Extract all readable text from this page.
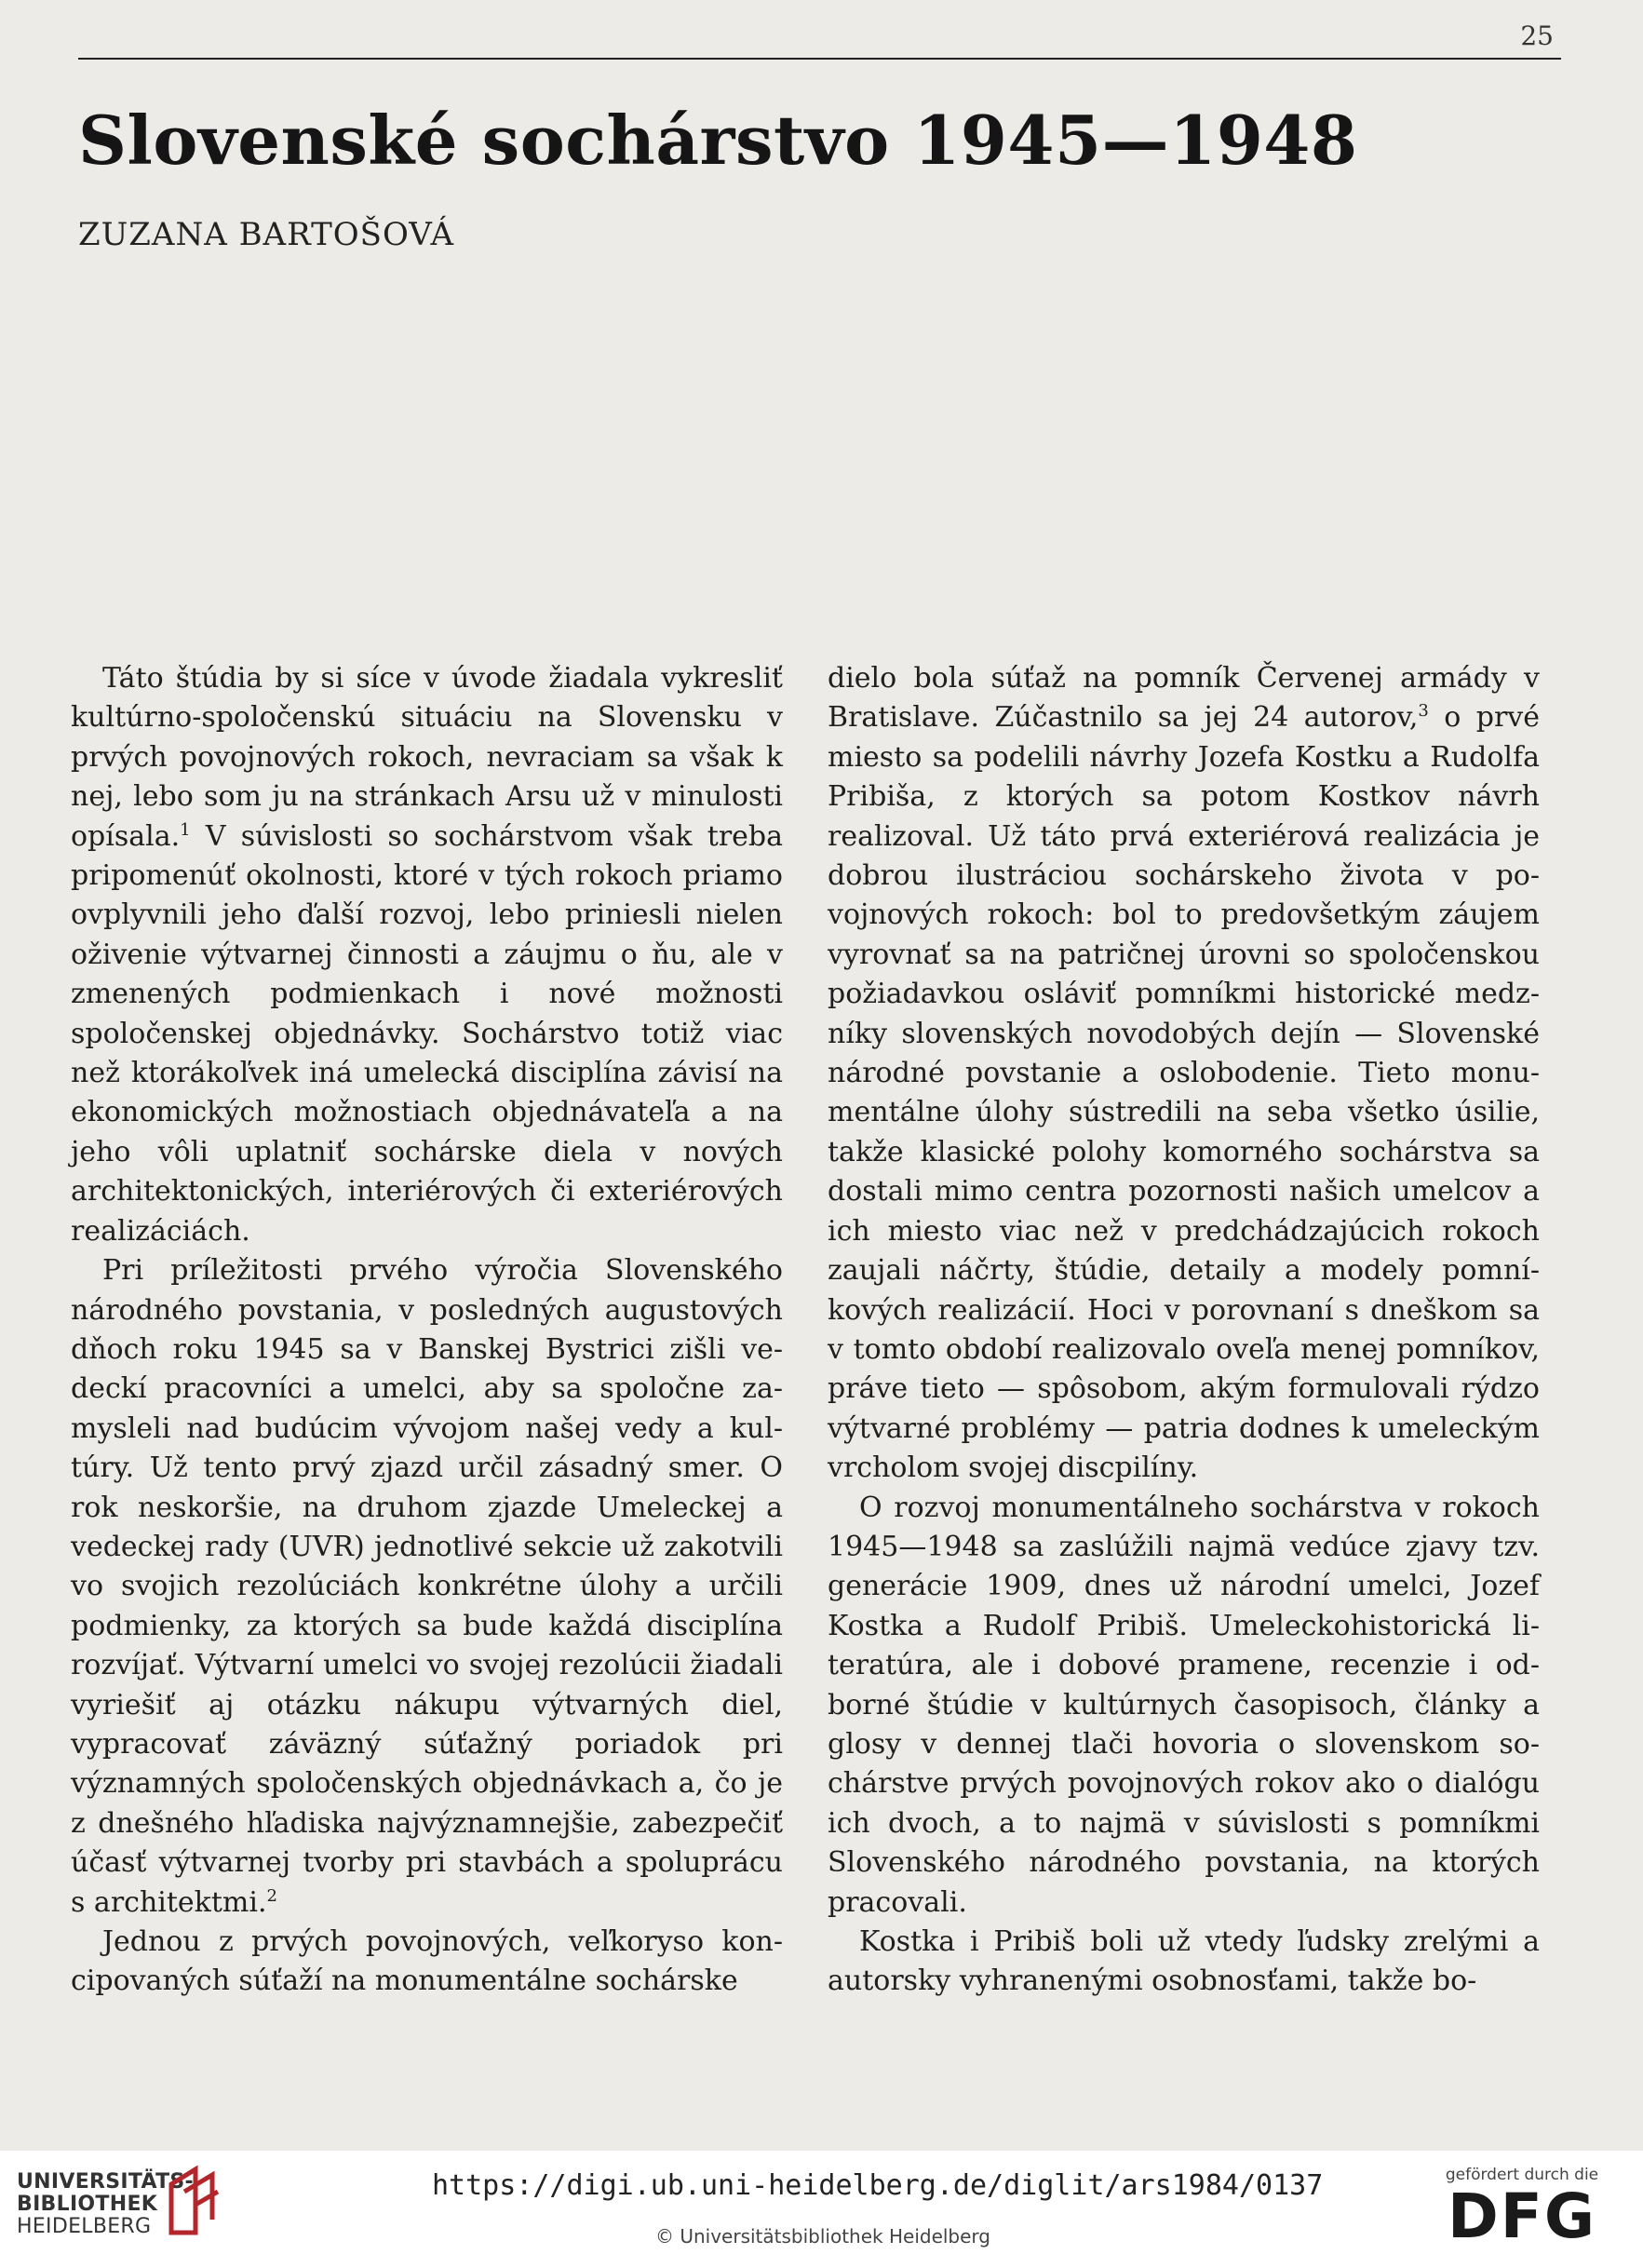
25
Slovenské sochárstvo 1945—1948
ZUZANA BARTOŠOVÁ

Táto štúdia by si síce v úvode žiadala vykresliť kultúrno-spoločenskú situáciu na Slovensku v prvých povojnových rokoch, nevraciam sa však k nej, lebo som ju na stránkach Arsu už v minulosti opísala.$^1$ V súvislosti so sochárstvom však treba pripomenúť okolnosti, ktoré v tých rokoch priamo ovplyvnili jeho ďalší rozvoj, lebo priniesli nielen oživenie výtvarnej činnosti a záujmu o ňu, ale v zmenených podmienkach i nové možnosti spoločenskej objednávky. Sochárstvo totiž viac než ktorákoľvek iná umelecká disciplína závisí na ekonomických možnostiach objednávateľa a na jeho vôli uplatniť sochárske diela v nových architektonických, interiérových či exteriérových realizáciách.

Pri príležitosti prvého výročia Slovenského národného povstania, v posledných augustových dňoch roku 1945 sa v Banskej Bystrici zišli vedeckí pracovníci a umelci, aby sa spoločne zamysleli nad budúcim vývojom našej vedy a kultúry. Už tento prvý zjazd určil zásadný smer. O rok neskoršie, na druhom zjazde Umeleckej a vedeckej rady (UVR) jednotlivé sekcie už zakotvili vo svojich rezolúciách konkrétne úlohy a určili podmienky, za ktorých sa bude každá disciplína rozvíjať. Výtvarní umelci vo svojej rezolúcii žiadali vyriešiť aj otázku nákupu výtvarných diel, vypracovať záväzný súťažný poriadok pri významných spoločenských objednávkach a, čo je z dnešného hľadiska najvýznamnejšie, zabezpečiť účasť výtvarnej tvorby pri stavbách a spoluprácu s architektmi.$^2$

Jednou z prvých povojnových, veľkoryso koncipovaných súťaží na monumentálne sochárske

dielo bola súťaž na pomník Červenej armády v Bratislave. Zúčastnilo sa jej 24 autorov,$^3$ o prvé miesto sa podelili návrhy Jozefa Kostku a Rudolfa Pribiša, z ktorých sa potom Kostkov návrh realizoval. Už táto prvá exteriérová realizácia je dobrou ilustráciou sochárskeho života v povojnových rokoch: bol to predovšetkým záujem vyrovnať sa na patričnej úrovni so spoločenskou požiadavkou osláviť pomníkmi historické medzníky slovenských novodobých dejín — Slovenské národné povstanie a oslobodenie. Tieto monumentálne úlohy sústredili na seba všetko úsilie, takže klasické polohy komorného sochárstva sa dostali mimo centra pozornosti našich umelcov a ich miesto viac než v predchádzajúcich rokoch zaujali náčrty, štúdie, detaily a modely pomníkových realizácií. Hoci v porovnaní s dneškom sa v tomto období realizovalo oveľa menej pomníkov, práve tieto — spôsobom, akým formulovali rýdzo výtvarné problémy — patria dodnes k umeleckým vrcholom svojej discpilíny.

O rozvoj monumentálneho sochárstva v rokoch 1945—1948 sa zaslúžili najmä vedúce zjavy tzv. generácie 1909, dnes už národní umelci, Jozef Kostka a Rudolf Pribiš. Umeleckohistorická literatúra, ale i dobové pramene, recenzie i odborné štúdie v kultúrnych časopisoch, články a glosy v dennej tlači hovoria o slovenskom sochárstve prvých povojnových rokov ako o dialógu ich dvoch, a to najmä v súvislosti s pomníkmi Slovenského národného povstania, na ktorých pracovali.

Kostka i Pribiš boli už vtedy ľudsky zrelými a autorsky vyhranenými osobnosťami, takže bo-

UNIVERSITÄTS-
BIBLIOTHEK
HEIDELBERG
https://digi.ub.uni-heidelberg.de/diglit/ars1984/0137
© Universitätsbibliothek Heidelberg
gefördert durch die
DFG
